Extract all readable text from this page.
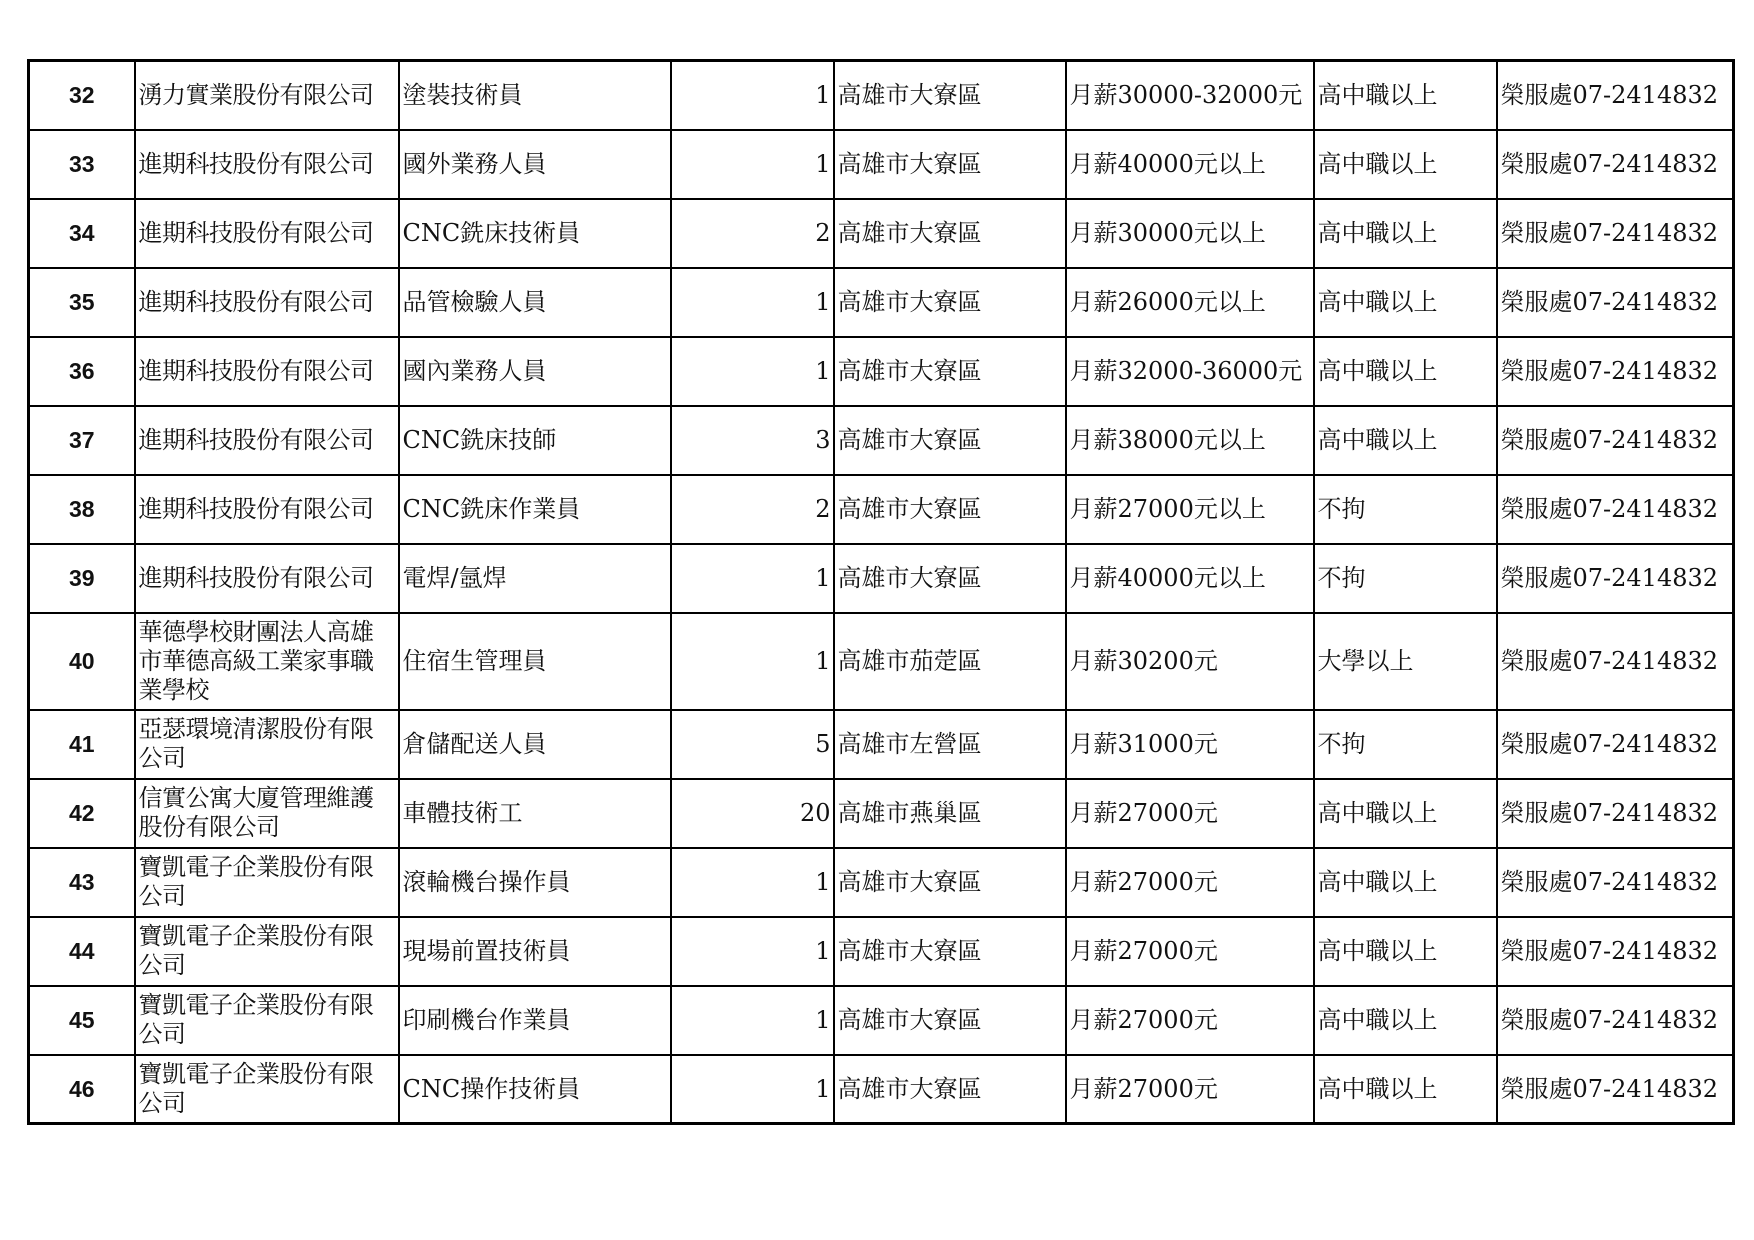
32	湧力實業股份有限公司	塗裝技術員	1	高雄市大寮區	月薪30000-32000元	高中職以上	榮服處07-2414832
33	進期科技股份有限公司	國外業務人員	1	高雄市大寮區	月薪40000元以上	高中職以上	榮服處07-2414832
34	進期科技股份有限公司	CNC銑床技術員	2	高雄市大寮區	月薪30000元以上	高中職以上	榮服處07-2414832
35	進期科技股份有限公司	品管檢驗人員	1	高雄市大寮區	月薪26000元以上	高中職以上	榮服處07-2414832
36	進期科技股份有限公司	國內業務人員	1	高雄市大寮區	月薪32000-36000元	高中職以上	榮服處07-2414832
37	進期科技股份有限公司	CNC銑床技師	3	高雄市大寮區	月薪38000元以上	高中職以上	榮服處07-2414832
38	進期科技股份有限公司	CNC銑床作業員	2	高雄市大寮區	月薪27000元以上	不拘	榮服處07-2414832
39	進期科技股份有限公司	電焊/氬焊	1	高雄市大寮區	月薪40000元以上	不拘	榮服處07-2414832
40	華德學校財團法人高雄市華德高級工業家事職業學校	住宿生管理員	1	高雄市茄萣區	月薪30200元	大學以上	榮服處07-2414832
41	亞瑟環境清潔股份有限公司	倉儲配送人員	5	高雄市左營區	月薪31000元	不拘	榮服處07-2414832
42	信實公寓大廈管理維護股份有限公司	車體技術工	20	高雄市燕巢區	月薪27000元	高中職以上	榮服處07-2414832
43	寶凱電子企業股份有限公司	滾輪機台操作員	1	高雄市大寮區	月薪27000元	高中職以上	榮服處07-2414832
44	寶凱電子企業股份有限公司	現場前置技術員	1	高雄市大寮區	月薪27000元	高中職以上	榮服處07-2414832
45	寶凱電子企業股份有限公司	印刷機台作業員	1	高雄市大寮區	月薪27000元	高中職以上	榮服處07-2414832
46	寶凱電子企業股份有限公司	CNC操作技術員	1	高雄市大寮區	月薪27000元	高中職以上	榮服處07-2414832
